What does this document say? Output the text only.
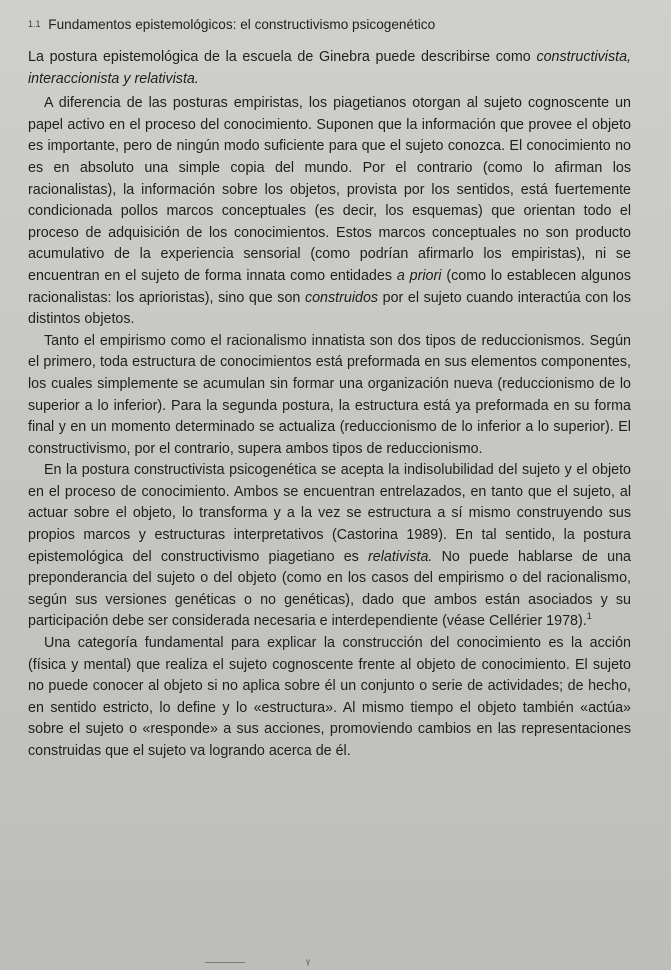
1.1 Fundamentos epistemológicos: el constructivismo psicogenético

La postura epistemológica de la escuela de Ginebra puede describirse como constructivista, interaccionista y relativista.

A diferencia de las posturas empiristas, los piagetianos otorgan al sujeto cognoscente un papel activo en el proceso del conocimiento. Suponen que la información que provee el objeto es importante, pero de ningún modo suficiente para que el sujeto conozca. El conocimiento no es en absoluto una simple copia del mundo. Por el contrario (como lo afirman los racionalistas), la información sobre los objetos, provista por los sentidos, está fuertemente condicionada pollos marcos conceptuales (es decir, los esquemas) que orientan todo el proceso de adquisición de los conocimientos. Estos marcos conceptuales no son producto acumulativo de la experiencia sensorial (como podrían afirmarlo los empiristas), ni se encuentran en el sujeto de forma innata como entidades a priori (como lo establecen algunos racionalistas: los aprioristas), sino que son construidos por el sujeto cuando interactúa con los distintos objetos.

Tanto el empirismo como el racionalismo innatista son dos tipos de reduccionismos. Según el primero, toda estructura de conocimientos está preformada en sus elementos componentes, los cuales simplemente se acumulan sin formar una organización nueva (reduccionismo de lo superior a lo inferior). Para la segunda postura, la estructura está ya preformada en su forma final y en un momento determinado se actualiza (reduccionismo de lo inferior a lo superior). El constructivismo, por el contrario, supera ambos tipos de reduccionismo.

En la postura constructivista psicogenética se acepta la indisolubilidad del sujeto y el objeto en el proceso de conocimiento. Ambos se encuentran entrelazados, en tanto que el sujeto, al actuar sobre el objeto, lo transforma y a la vez se estructura a sí mismo construyendo sus propios marcos y estructuras interpretativos (Castorina 1989). En tal sentido, la postura epistemológica del constructivismo piagetiano es relativista. No puede hablarse de una preponderancia del sujeto o del objeto (como en los casos del empirismo o del racionalismo, según sus versiones genéticas o no genéticas), dado que ambos están asociados y su participación debe ser considerada necesaria e interdependiente (véase Cellérier 1978).$^1$

Una categoría fundamental para explicar la construcción del conocimiento es la acción (física y mental) que realiza el sujeto cognoscente frente al objeto de conocimiento. El sujeto no puede conocer al objeto si no aplica sobre él un conjunto o serie de actividades; de hecho, en sentido estricto, lo define y lo «estructura». Al mismo tiempo el objeto también «actúa» sobre el sujeto o «responde» a sus acciones, promoviendo cambios en las representaciones construidas que el sujeto va logrando acerca de él.

ᵞ
